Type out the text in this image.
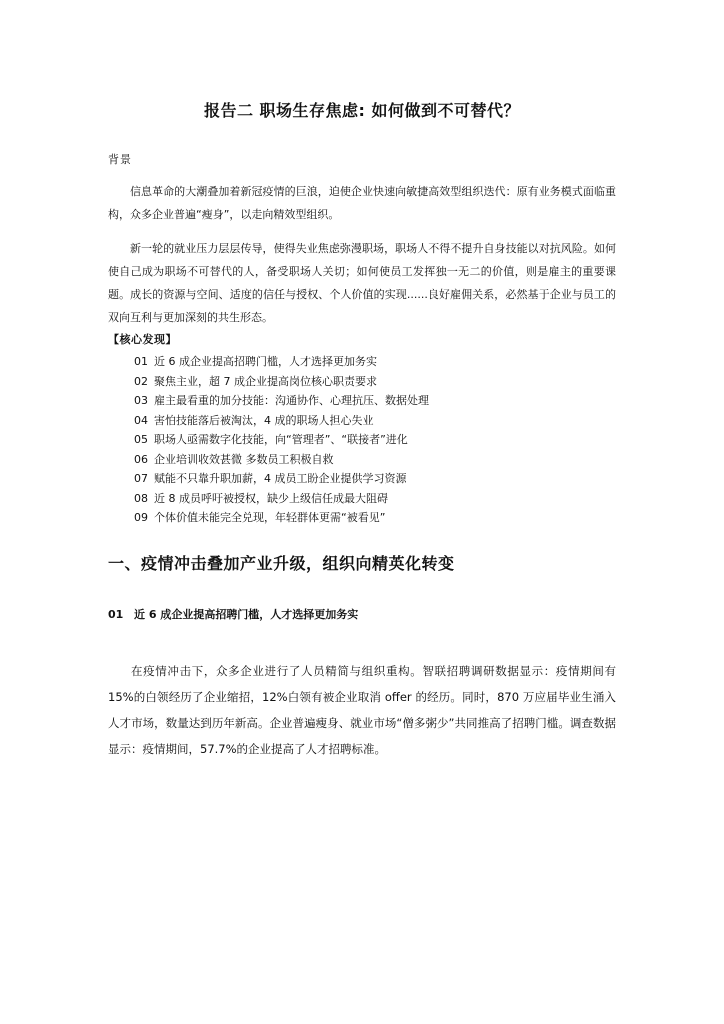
报告二 职场生存焦虑: 如何做到不可替代？
背景

信息革命的大潮叠加着新冠疫情的巨浪，迫使企业快速向敏捷高效型组织迭代：原有业务模式面临重构，众多企业普遍“瘦身”，以走向精效型组织。

新一轮的就业压力层层传导，使得失业焦虑弥漫职场，职场人不得不提升自身技能以对抗风险。如何使自己成为职场不可替代的人，备受职场人关切；如何使员工发挥独一无二的价值，则是雇主的重要课题。成长的资源与空间、适度的信任与授权、个人价值的实现......良好雇佣关系，必然基于企业与员工的双向互利与更加深刻的共生形态。

【核心发现】
01 近 6 成企业提高招聘门槛，人才选择更加务实
02 聚焦主业，超 7 成企业提高岗位核心职责要求
03 雇主最看重的加分技能：沟通协作、心理抗压、数据处理
04 害怕技能落后被淘汰，4 成的职场人担心失业
05 职场人亟需数字化技能，向“管理者”、“联接者”进化
06 企业培训收效甚微 多数员工积极自救
07 赋能不只靠升职加薪，4 成员工盼企业提供学习资源
08 近 8 成员呼吁被授权，缺少上级信任成最大阻碍
09 个体价值未能完全兑现，年轻群体更需“被看见”
一、疫情冲击叠加产业升级，组织向精英化转变
01 近 6 成企业提高招聘门槛，人才选择更加务实

在疫情冲击下，众多企业进行了人员精简与组织重构。智联招聘调研数据显示：疫情期间有 15%的白领经历了企业缩招，12%白领有被企业取消 offer 的经历。同时，870 万应届毕业生涌入人才市场，数量达到历年新高。企业普遍瘦身、就业市场“僧多粥少”共同推高了招聘门槛。调查数据显示：疫情期间，57.7%的企业提高了人才招聘标准。
